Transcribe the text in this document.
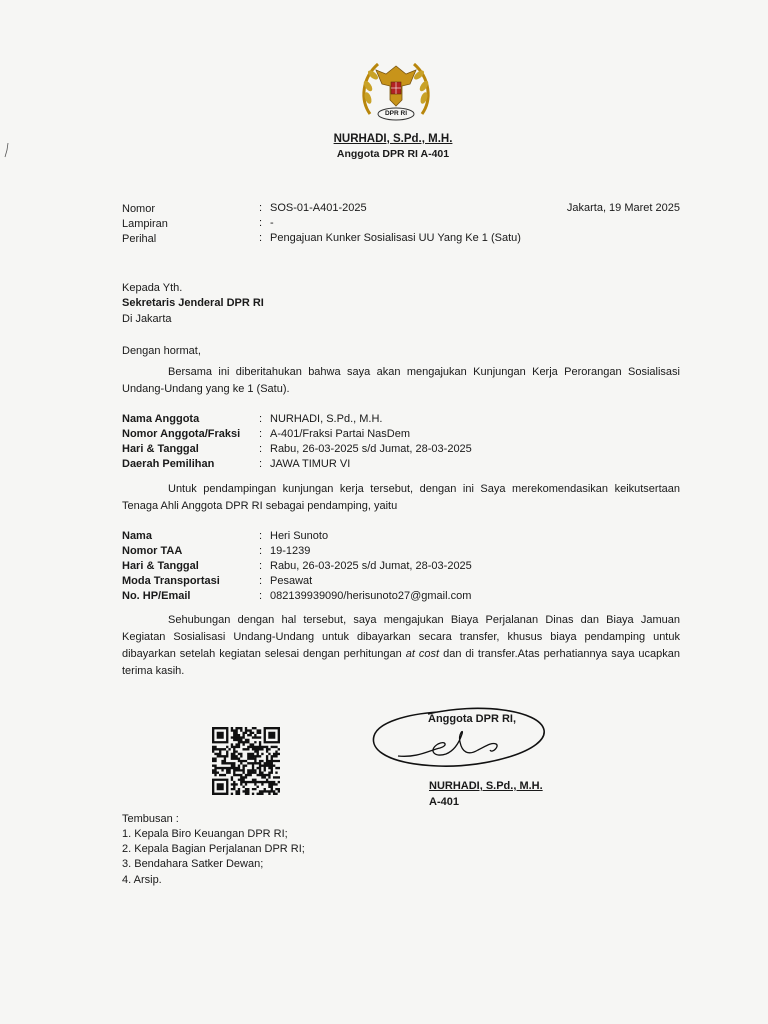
DPR RI
NURHADI, S.Pd., M.H.
Anggota DPR RI A-401
Nomor	: SOS-01-A401-2025	Jakarta, 19 Maret 2025
Lampiran	: -
Perihal	: Pengajuan Kunker Sosialisasi UU Yang Ke 1 (Satu)
Kepada Yth.
Sekretaris Jenderal DPR RI
Di Jakarta
Dengan hormat,
Bersama ini diberitahukan bahwa saya akan mengajukan Kunjungan Kerja Perorangan Sosialisasi Undang-Undang yang ke 1 (Satu).
Nama Anggota	: NURHADI, S.Pd., M.H.
Nomor Anggota/Fraksi : A-401/Fraksi Partai NasDem
Hari & Tanggal	: Rabu, 26-03-2025 s/d Jumat, 28-03-2025
Daerah Pemilihan	: JAWA TIMUR VI
Untuk pendampingan kunjungan kerja tersebut, dengan ini Saya merekomendasikan keikutsertaan Tenaga Ahli Anggota DPR RI sebagai pendamping, yaitu
Nama	: Heri Sunoto
Nomor TAA	: 19-1239
Hari & Tanggal	: Rabu, 26-03-2025 s/d Jumat, 28-03-2025
Moda Transportasi	: Pesawat
No. HP/Email	: 082139939090/herisunoto27@gmail.com
Sehubungan dengan hal tersebut, saya mengajukan Biaya Perjalanan Dinas dan Biaya Jamuan Kegiatan Sosialisasi Undang-Undang untuk dibayarkan secara transfer, khusus biaya pendamping untuk dibayarkan setelah kegiatan selesai dengan perhitungan at cost dan di transfer.Atas perhatiannya saya ucapkan terima kasih.
Anggota DPR RI,
NURHADI, S.Pd., M.H.
A-401
Tembusan :
1. Kepala Biro Keuangan DPR RI;
2. Kepala Bagian Perjalanan DPR RI;
3. Bendahara Satker Dewan;
4. Arsip.
